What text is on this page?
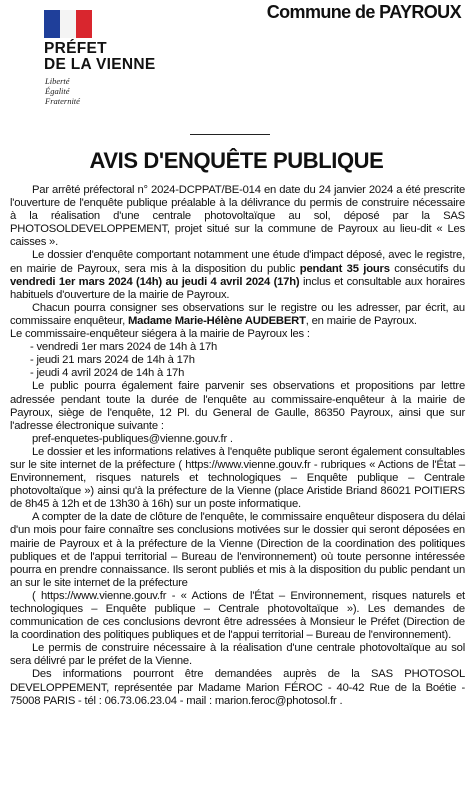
PRÉFET
DE LA VIENNE
Liberté
Égalité
Fraternité
Commune de PAYROUX
AVIS D'ENQUÊTE PUBLIQUE

Par arrêté préfectoral n° 2024-DCPPAT/BE-014 en date du 24 janvier 2024 a été prescrite l'ouverture de l'enquête publique préalable à la délivrance du permis de construire nécessaire à la réalisation d'une centrale photovoltaïque au sol, déposé par la SAS PHOTOSOLDEVELOPPEMENT, projet situé sur la commune de Payroux au lieu-dit « Les caisses ».

Le dossier d'enquête comportant notamment une étude d'impact déposé, avec le registre, en mairie de Payroux, sera mis à la disposition du public pendant 35 jours consécutifs du vendredi 1er mars 2024 (14h) au jeudi 4 avril 2024 (17h) inclus et consultable aux horaires habituels d'ouverture de la mairie de Payroux.

Chacun pourra consigner ses observations sur le registre ou les adresser, par écrit, au commissaire enquêteur, Madame Marie-Hélène AUDEBERT, en mairie de Payroux.

Le commissaire-enquêteur siégera à la mairie de Payroux les :

- vendredi 1er mars 2024 de 14h à 17h

- jeudi 21 mars 2024 de 14h à 17h

- jeudi 4 avril 2024 de 14h à 17h

Le public pourra également faire parvenir ses observations et propositions par lettre adressée pendant toute la durée de l'enquête au commissaire-enquêteur à la mairie de Payroux, siège de l'enquête, 12 Pl. du General de Gaulle, 86350 Payroux, ainsi que sur l'adresse électronique suivante :

pref-enquetes-publiques@vienne.gouv.fr .

Le dossier et les informations relatives à l'enquête publique seront également consultables sur le site internet de la préfecture ( https://www.vienne.gouv.fr - rubriques « Actions de l'État – Environnement, risques naturels et technologiques – Enquête publique – Centrale photovoltaïque ») ainsi qu'à la préfecture de la Vienne (place Aristide Briand 86021 POITIERS de 8h45 à 12h et de 13h30 à 16h) sur un poste informatique.

A compter de la date de clôture de l'enquête, le commissaire enquêteur disposera du délai d'un mois pour faire connaître ses conclusions motivées sur le dossier qui seront déposées en mairie de Payroux et à la préfecture de la Vienne (Direction de la coordination des politiques publiques et de l'appui territorial – Bureau de l'environnement) où toute personne intéressée pourra en prendre connaissance. Ils seront publiés et mis à la disposition du public pendant un an sur le site internet de la préfecture

( https://www.vienne.gouv.fr - « Actions de l'État – Environnement, risques naturels et technologiques – Enquête publique – Centrale photovoltaïque »). Les demandes de communication de ces conclusions devront être adressées à Monsieur le Préfet (Direction de la coordination des politiques publiques et de l'appui territorial – Bureau de l'environnement).

Le permis de construire nécessaire à la réalisation d'une centrale photovoltaïque au sol sera délivré par le préfet de la Vienne.

Des informations pourront être demandées auprès de la SAS PHOTOSOL DEVELOPPEMENT, représentée par Madame Marion FÉROC - 40-42 Rue de la Boétie - 75008 PARIS - tél : 06.73.06.23.04 - mail : marion.feroc@photosol.fr .
